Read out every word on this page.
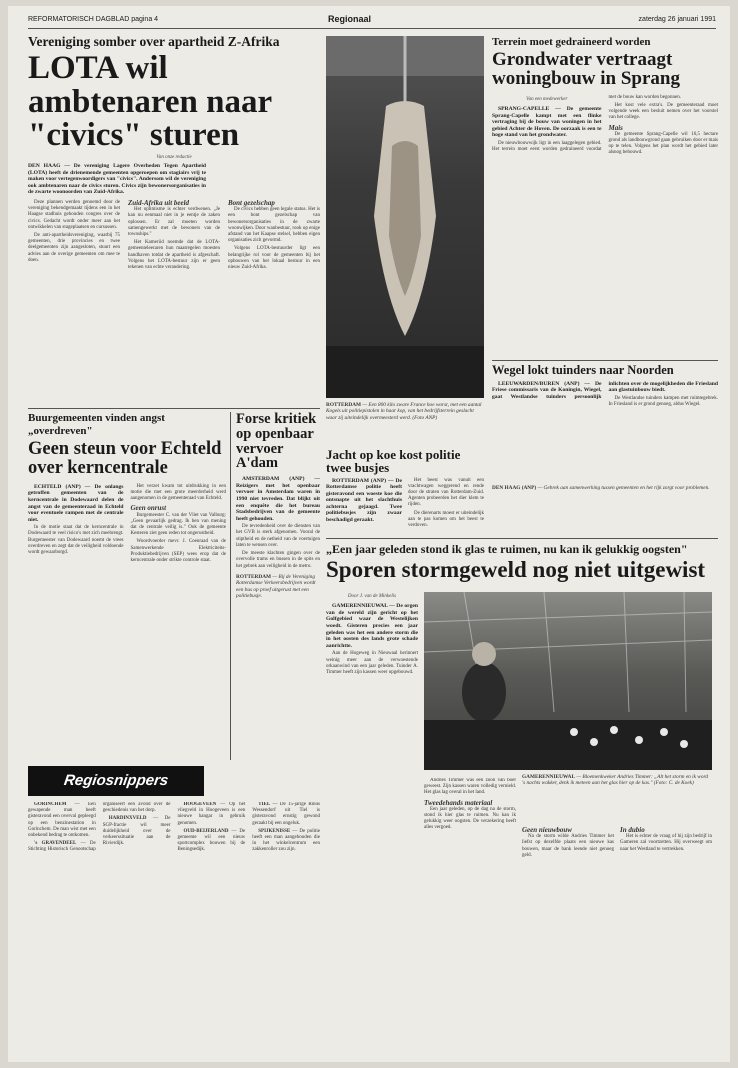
REFORMATORISCH DAGBLAD pagina 4	Regionaal	zaterdag 26 januari 1991
Vereniging somber over apartheid Z-Afrika
LOTA wil ambtenaren naar "civics" sturen
Van onze redactie
DEN HAAG — De vereniging Lagere Overheden Tegen Apartheid (LOTA) heeft de drienemende gemeenten opgeroepen om stagiairs vrij te maken voor vertegenwoordigers van "civics". Andersom wil de vereniging ook ambtenaren naar de civics sturen. Civics zijn bewonersorganisaties in de zwarte woonoorden van Zuid-Afrika.

Deze plannen werden genoemd door de vereniging bekendgemaakt tijdens een in het Haagse stadhuis gehouden congres over de civics. Gedacht wordt onder meer aan het ontwikkelen van stageplaatsen en cursussen.

De anti-apartheidsvereniging, waarbij 75 gemeenten, drie provincies en twee deelgemeenten zijn aangesloten, stuurt een advies aan de overige gemeenten om mee te doen.

Zuid-Afrika uit beeld

Het optimisme is echter verdwenen. „Je kan nu eenmaal niet in je eentje de zaken oplossen. Er zal moeten worden samengewerkt met de bewoners van de townships."

Het Kameriid noemde dat de LOTA-gemeenteleeraren hun maatregelen moesten handhaven totdat de apartheid is afgeschaft. Volgens het LOTA-bestuur zijn er geen tekenen van echte verandering.

Bont gezelschap

De civics hebben geen legale status. Het is een bont gezelschap van bewonersorganisaties in de zwarte woonwijken. Door wanbestuur, rook op enige afstand van het Kaapse stelsel, hebben eigen organisaties zich gevormd.

Volgens LOTA-bestuurder ligt een belangrijke rol voor de gemeenten bij het opbouwen van het lokaal bestuur in een nieuw Zuid-Afrika.

ROTTERDAM — Een 800 kilo zware France hoe worst, met een aantal Kogels uit politiepistolen in haar kop, van het bedrijfsterrein geslacht waar zij uiteindelijk overmeesterd werd. (Foto ANP)
Jacht op koe kost politie twee busjes

ROTTERDAM (ANP) — De Rotterdamse politie heeft gisteravond een woeste koe die ontsnapte uit het slachthuis achterna gejaagd. Twee politiebusjes zijn zwaar beschadigd geraakt.

Het beest was vanuit een vrachtwagen weggerend en rende door de straten van Rotterdam-Zuid. Agenten probeerden het dier klem te rijden.

De dierenarts moest er uiteindelijk aan te pas komen om het beest te verdoven.

Terrein moet gedraineerd worden
Grondwater vertraagt woningbouw in Sprang
Van een medewerker

SPRANG-CAPELLE — De gemeente Sprang-Capelle kampt met een flinke vertraging bij de bouw van woningen in het gebied Achter de Hoven. De oorzaak is een te hoge stand van het grondwater.

De nieuwbouwwijk ligt in een laaggelegen gebied. Het terrein moet eerst worden gedraineerd voordat met de bouw kan worden begonnen.

Het kost vele extra's. De gemeenteraad moet volgende week een besluit nemen over het voorstel van het college.

Mais

De gemeente Sprang-Capelle wil 16,5 hectare grond als landbouwgrond gaan gebruiken door er mais op te telen. Volgens het plan wordt het gebied later alsnog bebouwd.

Wegel lokt tuinders naar Noorden

LEEUWARDEN/BUREN (ANP) — De Friese commissaris van de Koningin, Wiegel, gaat Westlandse tuinders persoonlijk inlichten over de mogelijkheden die Friesland aan glastuinbouw biedt.

De Westlandse tuinders kampen met ruimtegebrek. In Friesland is er grond genoeg, aldus Wiegel.

DEN HAAG (ANP) — Gebrek aan samenwerking tussen gemeenten en het rijk zorgt voor problemen.
Buurgemeenten vinden angst „overdreven"
Geen steun voor Echteld over kerncentrale

ECHTELD (ANP) — De onlangs getroffen gemeenten van de kerncentrale in Dodewaard delen de angst van de gemeenteraad in Echteld voor eventuele rampen met de centrale niet.

In de motie staat dat de kerncentrale in Dodewaard te veel risico's met zich meebrengt. Burgemeester van Dodewaard noemt de vrees overdreven en zegt dat de veiligheid voldoende wordt gewaarborgd.

Het verzet kwam tot uitdrukking in een motie die met een grote meerderheid werd aangenomen in de gemeenteraad van Echteld.

Geen onrust

Burgemeester C. van der Vliet van Valburg: „Geen gevaarlijk gedrag. Ik ben van mening dat de centrale veilig is." Ook de gemeente Kesteren ziet geen reden tot ongerustheid.

Woordvoerder mevr. J. Coenraad van de Samenwerkende Elektriciteits-Produktiebedrijven (SEP) wees erop dat de kerncentrale onder strikte controle staat.

Forse kritiek op openbaar vervoer A'dam

AMSTERDAM (ANP) — Reizigers met het openbaar vervoer in Amsterdam waren in 1990 niet tevreden. Dat blijkt uit een enquête die het bureau Stadsbedrijven van de gemeente heeft gehouden.

De tevredenheid over de diensten van het GVB is sterk afgenomen. Vooral de stiptheid en de netheid van de voertuigen laten te wensen over.

De meeste klachten gingen over de overvolle trams en bussen in de spits en het gebrek aan veiligheid in de metro.

ROTTERDAM — Bij de Vereniging Rotterdamse Verkeersbedrijven wordt een bus op proef uitgerust met een politiebusje.
„Een jaar geleden stond ik glas te ruimen, nu kan ik gelukkig oogsten"
Sporen stormgeweld nog niet uitgewist
Door J. van de Minkelis

GAMERENNIEUWAL — De orgen van de wereld zijn gericht op het Golfgebied waar de Westelijken woedt. Gisteren precies een jaar geleden was het een andere storm die in het oosten des lands grote schade aanrichtte.

Aan de Hogeweg in Nieuwaal herinnert weinig meer aan de verwoestende orkaanwind van een jaar geleden. Tuinder A. Timmer heeft zijn kassen weer opgebouwd.

Andries Timmer was een zoon van boer geweest. Zijn kassen waren volledig vernield. Het glas lag overal in het land.

Tweedehands materiaal

Een jaar geleden, op de dag na de storm, stond ik hier glas te ruimen. Nu kan ik gelukkig weer oogsten. De verzekering heeft alles vergoed.	Geen nieuwbouw

Na de storm wilde Andries Timmer het liefst op dezelfde plaats een nieuwe kas bouwen, maar de bank leende niet genoeg geld.

In dubio

Het is echter de vraag of hij zijn bedrijf in Gameren zal voortzetten. Hij overweegt om naar het Westland te vertrekken.

GAMERENNIEUWAL — Bloemenkweker Andries Timmer: „Alt het storm en ik word 's nachts wakker, denk ik meteen aan het glas hier op de kas." (Foto: C. de Koek)
Regiosnippers

GORINCHEM — Een gewapende man heeft gisteravond een overval gepleegd op een benzinestation in Gorinchem. De man wist met een onbekend bedrag te ontkomen.

's GRAVENDEEL — De Stichting Historisch Genootschap organiseert een avond over de geschiedenis van het dorp.

HARDINXVELD — De SGP-fractie wil meer duidelijkheid over de verkeerssituatie aan de Rivierdijk.

HOOGEVEEN — Op het vliegveld in Hoogeveen is een nieuwe hangar in gebruik genomen.

OUD-BEIJERLAND — De gemeente wil een nieuw sportcomplex bouwen bij de Beningsedijk.

TIEL — De 15-jarige Rinus Wessendorf uit Tiel is gisteravond ernstig gewond geraakt bij een ongeluk.

SPIJKENISSE — De politie heeft een man aangehouden die in het winkelcentrum een zakkenroller zou zijn.
